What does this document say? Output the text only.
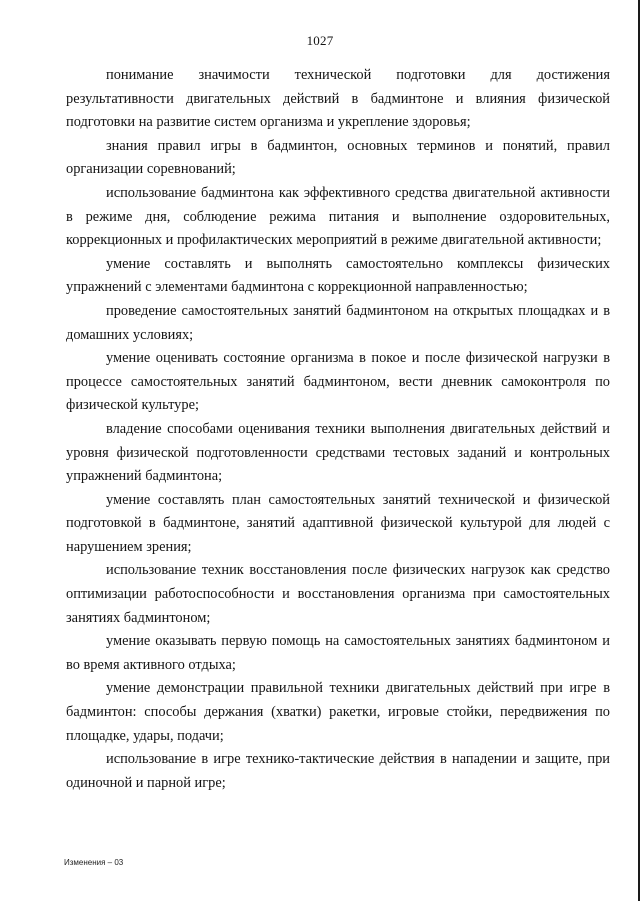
1027

понимание значимости технической подготовки для достижения результативности двигательных действий в бадминтоне и влияния физической подготовки на развитие систем организма и укрепление здоровья;

знания правил игры в бадминтон, основных терминов и понятий, правил организации соревнований;

использование бадминтона как эффективного средства двигательной активности в режиме дня, соблюдение режима питания и выполнение оздоровительных, коррекционных и профилактических мероприятий в режиме двигательной активности;

умение составлять и выполнять самостоятельно комплексы физических упражнений с элементами бадминтона с коррекционной направленностью;

проведение самостоятельных занятий бадминтоном на открытых площадках и в домашних условиях;

умение оценивать состояние организма в покое и после физической нагрузки в процессе самостоятельных занятий бадминтоном, вести дневник самоконтроля по физической культуре;

владение способами оценивания техники выполнения двигательных действий и уровня физической подготовленности средствами тестовых заданий и контрольных упражнений бадминтона;

умение составлять план самостоятельных занятий технической и физической подготовкой в бадминтоне, занятий адаптивной физической культурой для людей с нарушением зрения;

использование техник восстановления после физических нагрузок как средство оптимизации работоспособности и восстановления организма при самостоятельных занятиях бадминтоном;

умение оказывать первую помощь на самостоятельных занятиях бадминтоном и во время активного отдыха;

умение демонстрации правильной техники двигательных действий при игре в бадминтон: способы держания (хватки) ракетки, игровые стойки, передвижения по площадке, удары, подачи;

использование в игре технико-тактические действия в нападении и защите, при одиночной и парной игре;

Изменения – 03
